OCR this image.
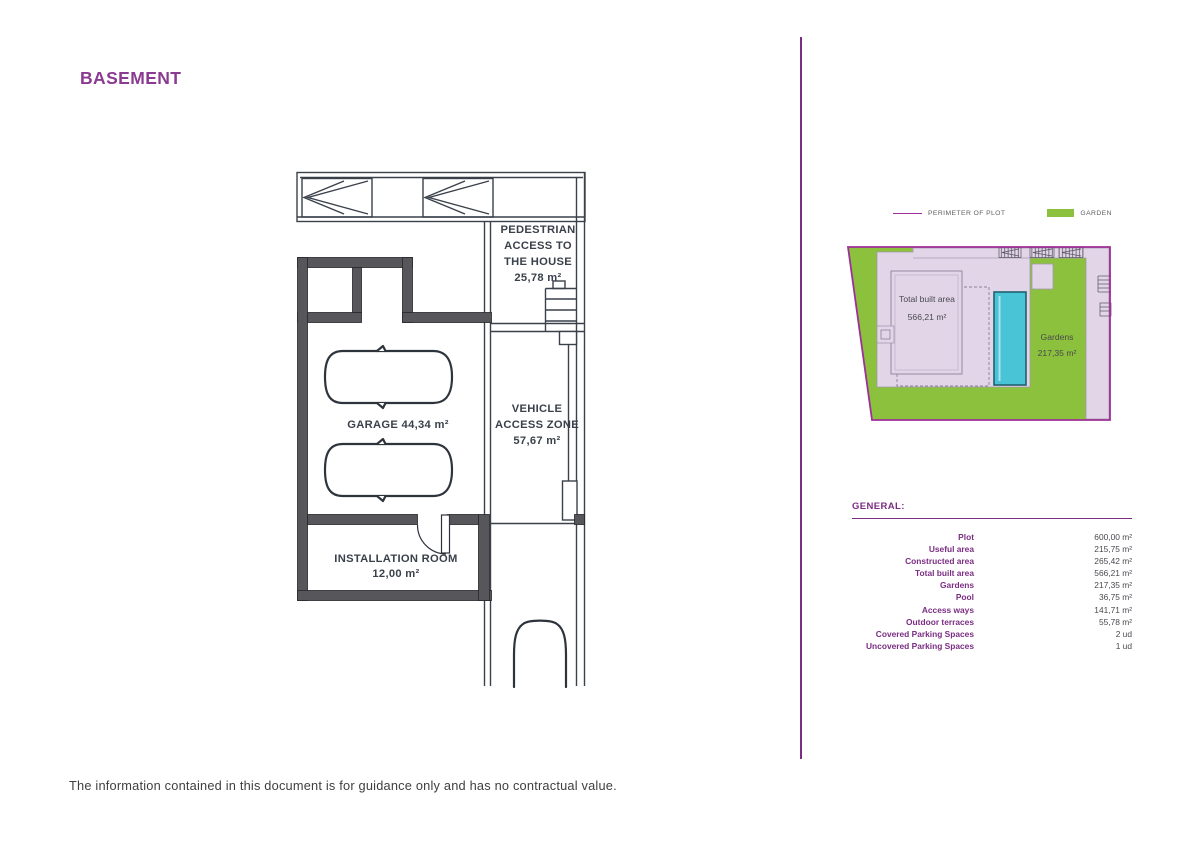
BASEMENT
PEDESTRIAN
ACCESS TO
THE HOUSE
25,78 m²
GARAGE 44,34 m²
VEHICLE
ACCESS ZONE
57,67 m²
INSTALLATION ROOM
12,00 m²
PERIMETER OF PLOT	GARDEN
Total built area
566,21 m²
Gardens
217,35 m²
GENERAL:
Plot	600,00 m²
Useful area	215,75 m²
Constructed area	265,42 m²
Total built area	566,21 m²
Gardens	217,35 m²
Pool	36,75 m²
Access ways	141,71 m²
Outdoor terraces	55,78 m²
Covered Parking Spaces	2 ud
Uncovered Parking Spaces	1 ud
The information contained in this document is for guidance only and has no contractual value.
